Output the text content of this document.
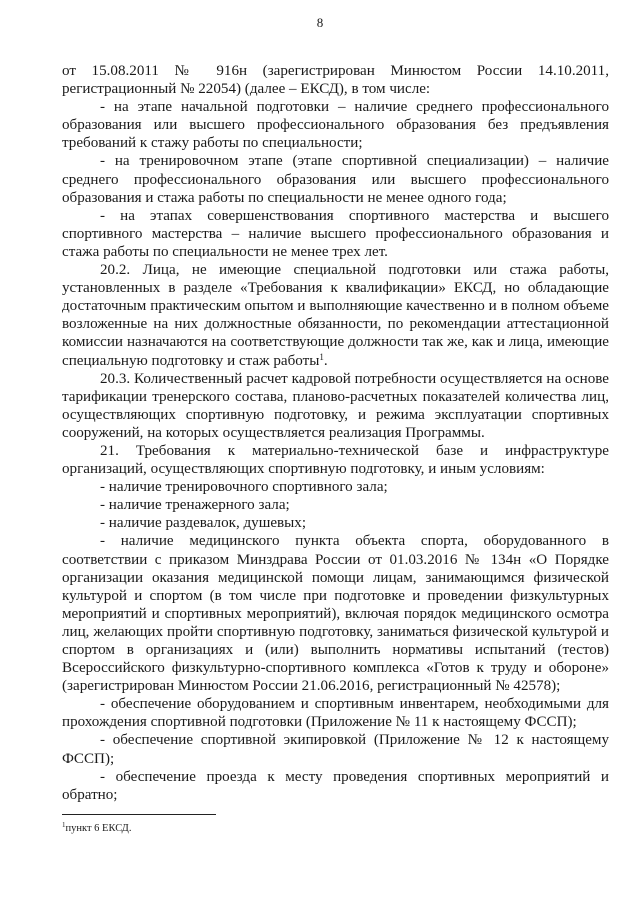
8

от 15.08.2011 № 916н (зарегистрирован Минюстом России 14.10.2011, регистрационный № 22054) (далее – ЕКСД), в том числе:

- на этапе начальной подготовки – наличие среднего профессионального образования или высшего профессионального образования без предъявления требований к стажу работы по специальности;

- на тренировочном этапе (этапе спортивной специализации) – наличие среднего профессионального образования или высшего профессионального образования и стажа работы по специальности не менее одного года;

- на этапах совершенствования спортивного мастерства и высшего спортивного мастерства – наличие высшего профессионального образования и стажа работы по специальности не менее трех лет.

20.2. Лица, не имеющие специальной подготовки или стажа работы, установленных в разделе «Требования к квалификации» ЕКСД, но обладающие достаточным практическим опытом и выполняющие качественно и в полном объеме возложенные на них должностные обязанности, по рекомендации аттестационной комиссии назначаются на соответствующие должности так же, как и лица, имеющие специальную подготовку и стаж работы$^1$.

20.3. Количественный расчет кадровой потребности осуществляется на основе тарификации тренерского состава, планово-расчетных показателей количества лиц, осуществляющих спортивную подготовку, и режима эксплуатации спортивных сооружений, на которых осуществляется реализация Программы.

21. Требования к материально-технической базе и инфраструктуре организаций, осуществляющих спортивную подготовку, и иным условиям:

- наличие тренировочного спортивного зала;

- наличие тренажерного зала;

- наличие раздевалок, душевых;

- наличие медицинского пункта объекта спорта, оборудованного в соответствии с приказом Минздрава России от 01.03.2016 № 134н «О Порядке организации оказания медицинской помощи лицам, занимающимся физической культурой и спортом (в том числе при подготовке и проведении физкультурных мероприятий и спортивных мероприятий), включая порядок медицинского осмотра лиц, желающих пройти спортивную подготовку, заниматься физической культурой и спортом в организациях и (или) выполнить нормативы испытаний (тестов) Всероссийского физкультурно-спортивного комплекса «Готов к труду и обороне» (зарегистрирован Минюстом России 21.06.2016, регистрационный № 42578);

- обеспечение оборудованием и спортивным инвентарем, необходимыми для прохождения спортивной подготовки (Приложение № 11 к настоящему ФССП);

- обеспечение спортивной экипировкой (Приложение № 12 к настоящему ФССП);

- обеспечение проезда к месту проведения спортивных мероприятий и обратно;

$^1$пункт 6 ЕКСД.
